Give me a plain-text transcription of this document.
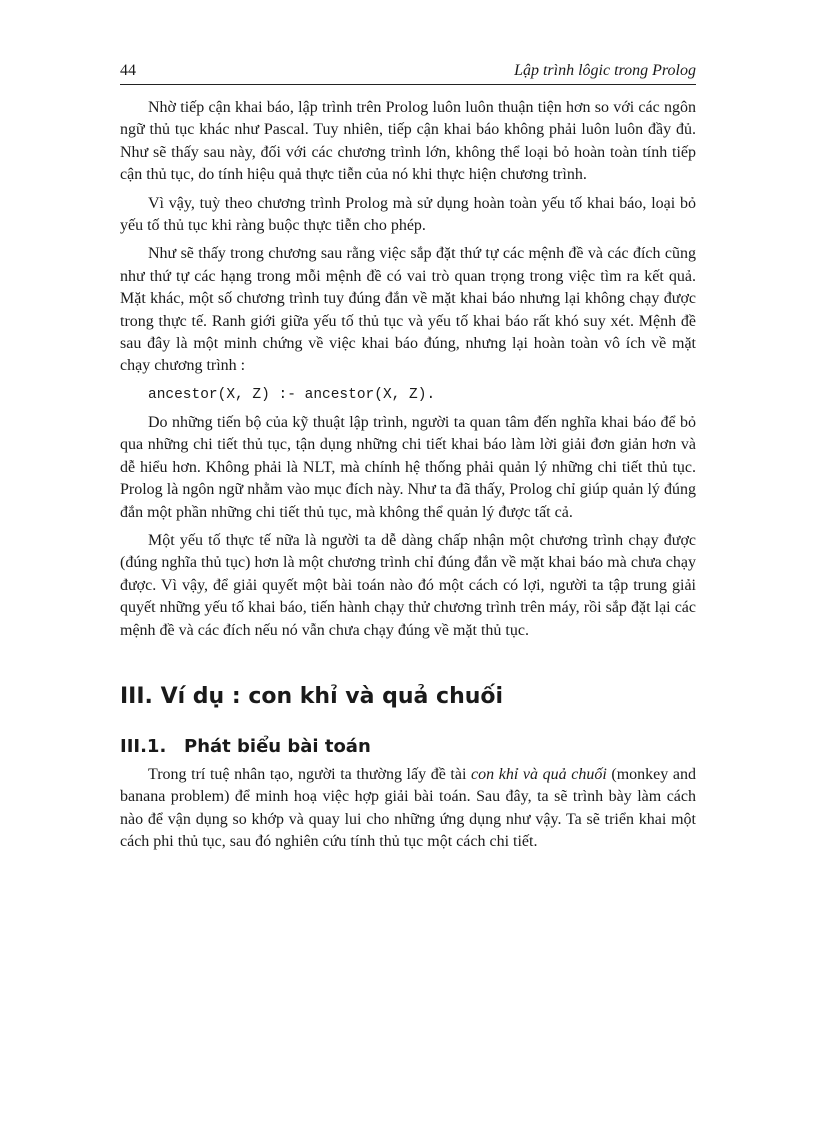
44	Lập trình lôgic trong Prolog

Nhờ tiếp cận khai báo, lập trình trên Prolog luôn luôn thuận tiện hơn so với các ngôn ngữ thủ tục khác như Pascal. Tuy nhiên, tiếp cận khai báo không phải luôn luôn đầy đủ. Như sẽ thấy sau này, đối với các chương trình lớn, không thể loại bỏ hoàn toàn tính tiếp cận thủ tục, do tính hiệu quả thực tiễn của nó khi thực hiện chương trình.

Vì vậy, tuỳ theo chương trình Prolog mà sử dụng hoàn toàn yếu tố khai báo, loại bỏ yếu tố thủ tục khi ràng buộc thực tiễn cho phép.

Như sẽ thấy trong chương sau rằng việc sắp đặt thứ tự các mệnh đề và các đích cũng như thứ tự các hạng trong mỗi mệnh đề có vai trò quan trọng trong việc tìm ra kết quả. Mặt khác, một số chương trình tuy đúng đắn về mặt khai báo nhưng lại không chạy được trong thực tế. Ranh giới giữa yếu tố thủ tục và yếu tố khai báo rất khó suy xét. Mệnh đề sau đây là một minh chứng về việc khai báo đúng, nhưng lại hoàn toàn vô ích về mặt chạy chương trình :

ancestor(X, Z) :- ancestor(X, Z).

Do những tiến bộ của kỹ thuật lập trình, người ta quan tâm đến nghĩa khai báo để bỏ qua những chi tiết thủ tục, tận dụng những chi tiết khai báo làm lời giải đơn giản hơn và dễ hiểu hơn. Không phải là NLT, mà chính hệ thống phải quản lý những chi tiết thủ tục. Prolog là ngôn ngữ nhằm vào mục đích này. Như ta đã thấy, Prolog chỉ giúp quản lý đúng đắn một phần những chi tiết thủ tục, mà không thể quản lý được tất cả.

Một yếu tố thực tế nữa là người ta dễ dàng chấp nhận một chương trình chạy được (đúng nghĩa thủ tục) hơn là một chương trình chỉ đúng đắn về mặt khai báo mà chưa chạy được. Vì vậy, để giải quyết một bài toán nào đó một cách có lợi, người ta tập trung giải quyết những yếu tố khai báo, tiến hành chạy thử chương trình trên máy, rồi sắp đặt lại các mệnh đề và các đích nếu nó vẫn chưa chạy đúng về mặt thủ tục.

III. Ví dụ : con khỉ và quả chuối
III.1. Phát biểu bài toán

Trong trí tuệ nhân tạo, người ta thường lấy đề tài con khỉ và quả chuối (monkey and banana problem) để minh hoạ việc hợp giải bài toán. Sau đây, ta sẽ trình bày làm cách nào để vận dụng so khớp và quay lui cho những ứng dụng như vậy. Ta sẽ triển khai một cách phi thủ tục, sau đó nghiên cứu tính thủ tục một cách chi tiết.
